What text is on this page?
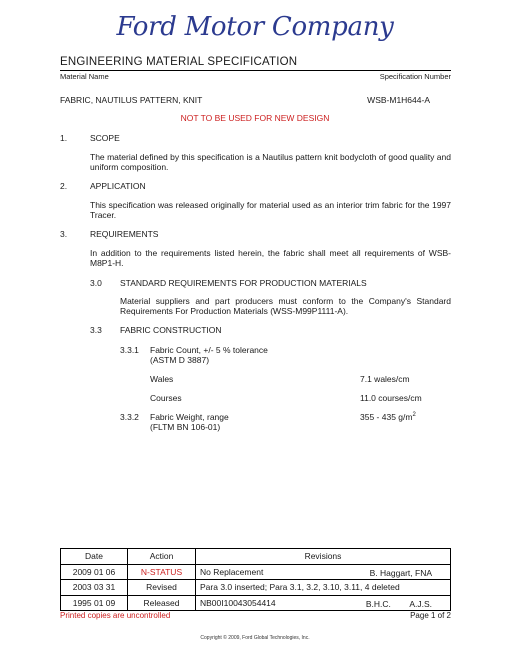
Ford Motor Company
ENGINEERING MATERIAL SPECIFICATION
Material Name	Specification Number
FABRIC, NAUTILUS PATTERN, KNIT	WSB-M1H644-A
NOT TO BE USED FOR NEW DESIGN
1.	SCOPE
The material defined by this specification is a Nautilus pattern knit bodycloth of good quality and uniform composition.
2.	APPLICATION
This specification was released originally for material used as an interior trim fabric for the 1997 Tracer.
3.	REQUIREMENTS
In addition to the requirements listed herein, the fabric shall meet all requirements of WSB-M8P1-H.
3.0 STANDARD REQUIREMENTS FOR PRODUCTION MATERIALS
Material suppliers and part producers must conform to the Company's Standard Requirements For Production Materials (WSS-M99P1111-A).
3.3 FABRIC CONSTRUCTION
3.3.1 Fabric Count, +/- 5 % tolerance
(ASTM D 3887)
Wales	7.1 wales/cm
Courses	11.0 courses/cm
3.3.2 Fabric Weight, range
(FLTM BN 106-01)
355 - 435 $g/m^2$
Date	Action	Revisions
2009 01 06	N-STATUS	No Replacement B. Haggart, FNA

2003 03 31	Revised	Para 3.0 inserted; Para 3.1, 3.2, 3.10, 3.11, 4 deleted
1995 01 09	Released	NB00I10043054414 B.H.C.        A.J.S.
Printed copies are uncontrolled	Page 1 of 2
Copyright © 2009, Ford Global Technologies, Inc.
